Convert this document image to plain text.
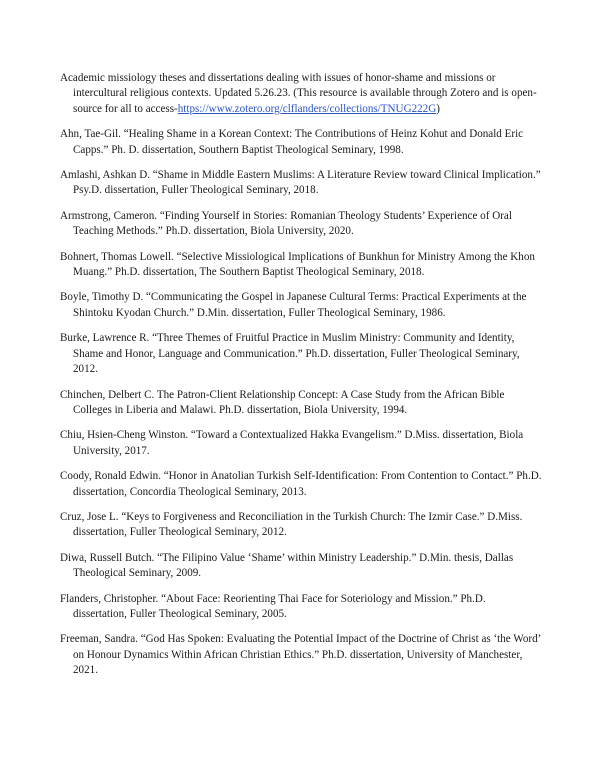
Academic missiology theses and dissertations dealing with issues of honor-shame and missions or intercultural religious contexts. Updated 5.26.23. (This resource is available through Zotero and is open-source for all to access-https://www.zotero.org/clflanders/collections/TNUG222G)

Ahn, Tae-Gil. “Healing Shame in a Korean Context: The Contributions of Heinz Kohut and Donald Eric Capps.” Ph. D. dissertation, Southern Baptist Theological Seminary, 1998.

Amlashi, Ashkan D. “Shame in Middle Eastern Muslims: A Literature Review toward Clinical Implication.” Psy.D. dissertation, Fuller Theological Seminary, 2018.

Armstrong, Cameron. “Finding Yourself in Stories: Romanian Theology Students’ Experience of Oral Teaching Methods.” Ph.D. dissertation, Biola University, 2020.

Bohnert, Thomas Lowell. “Selective Missiological Implications of Bunkhun for Ministry Among the Khon Muang.” Ph.D. dissertation, The Southern Baptist Theological Seminary, 2018.

Boyle, Timothy D. “Communicating the Gospel in Japanese Cultural Terms: Practical Experiments at the Shintoku Kyodan Church.” D.Min. dissertation, Fuller Theological Seminary, 1986.

Burke, Lawrence R. “Three Themes of Fruitful Practice in Muslim Ministry: Community and Identity, Shame and Honor, Language and Communication.” Ph.D. dissertation, Fuller Theological Seminary, 2012.

Chinchen, Delbert C. The Patron-Client Relationship Concept: A Case Study from the African Bible Colleges in Liberia and Malawi. Ph.D. dissertation, Biola University, 1994.

Chiu, Hsien-Cheng Winston. “Toward a Contextualized Hakka Evangelism.” D.Miss. dissertation, Biola University, 2017.

Coody, Ronald Edwin. “Honor in Anatolian Turkish Self-Identification: From Contention to Contact.” Ph.D. dissertation, Concordia Theological Seminary, 2013.

Cruz, Jose L. “Keys to Forgiveness and Reconciliation in the Turkish Church: The Izmir Case.” D.Miss. dissertation, Fuller Theological Seminary, 2012.

Diwa, Russell Butch. “The Filipino Value ‘Shame’ within Ministry Leadership.” D.Min. thesis, Dallas Theological Seminary, 2009.

Flanders, Christopher. “About Face: Reorienting Thai Face for Soteriology and Mission.” Ph.D. dissertation, Fuller Theological Seminary, 2005.

Freeman, Sandra. “God Has Spoken: Evaluating the Potential Impact of the Doctrine of Christ as ‘the Word’ on Honour Dynamics Within African Christian Ethics.” Ph.D. dissertation, University of Manchester, 2021.
